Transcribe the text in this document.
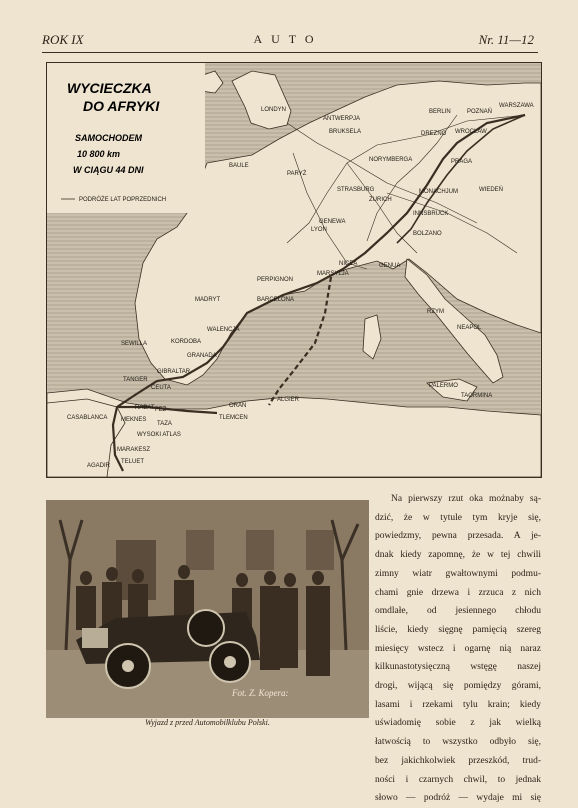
ROK IX	AUTO	Nr. 11—12
WYCIECZKA
DO AFRYKI
SAMOCHODEM
10 800 km
W CIĄGU 44 DNI
PODRÓŻE LAT POPRZEDNICH
LONDYN
ANTWERPJA
BRUKSELA
BERLIN	POZNAŃ
WARSZAWA
DREZNO WROCŁAW
NORYMBERGA	PRAGA
BAULE
PARYŻ
STRASBURG
ZURICH
MONACHJUM	WIEDEŃ
INNSBRUCK
GENEWA
LYON
BOLZANO
NICEA	GENUA
MARSYLJA
PERPIGNON
BARCELONA
MADRYT
WALENCJA
RZYM
NEAPOL
SEWILLA	KORDOBA
GRANADA
GIBRALTAR
TANGER
CEUTA
RABAT FEZ
CASABLANCA MEKNES
TAZA
ORAN
TLEMCEN
ALGIER
PALERMO
TAORMINA
MARAKESZ
AGADIR
TELUET
WYSOKI ATLAS
Fot. Z. Kopera:
Wyjazd z przed Automobilklubu Polski.

Na pierwszy rzut oka możnaby są-

dzić, że w tytule tym kryje się,

powiedzmy, pewna przesada. A je-

dnak kiedy zapomnę, że w tej chwili

zimny wiatr gwałtownymi podmu-

chami gnie drzewa i zrzuca z nich

omdlałe, od jesiennego chłodu

liście, kiedy sięgnę pamięcią szereg

miesięcy wstecz i ogarnę nią naraz

kilkunastotysięczną wstęgę naszej

drogi, wijącą się pomiędzy górami,

lasami i rzekami tylu krain; kiedy

uświadomię sobie z jak wielką

łatwością to wszystko odbyło się,

bez jakichkolwiek przeszkód, trud-

ności i czarnych chwil, to jednak

słowo — podróż — wydaje mi się
